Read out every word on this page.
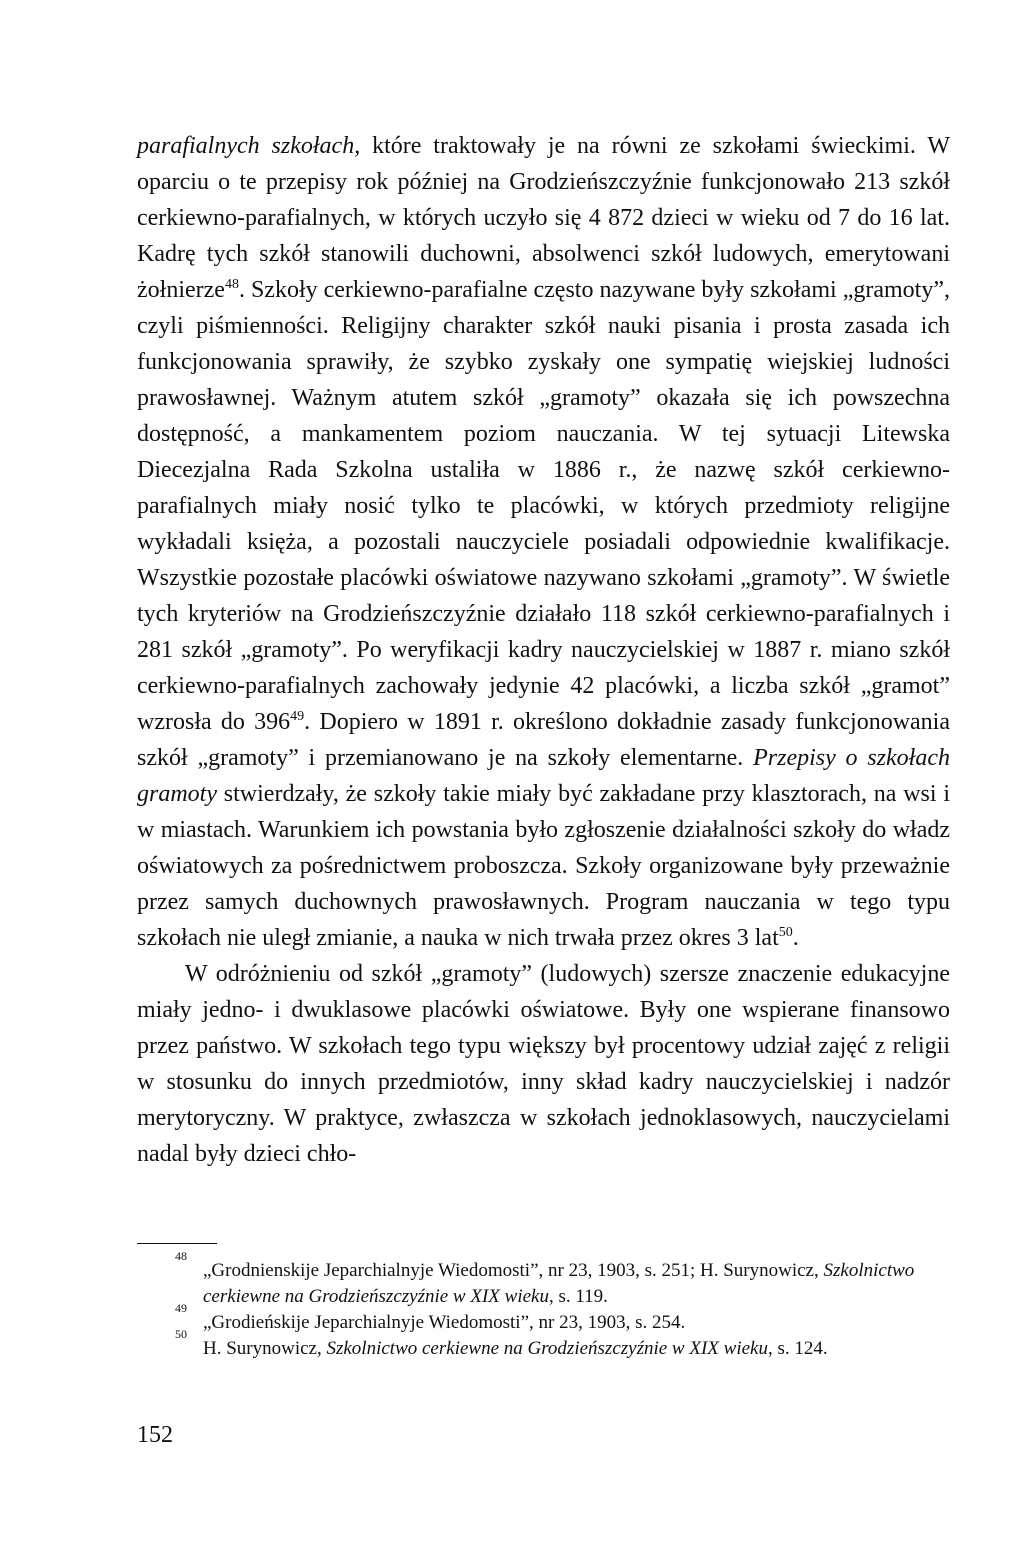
parafialnych szkołach, które traktowały je na równi ze szkołami świeckimi. W oparciu o te przepisy rok później na Grodzieńszczyźnie funkcjonowało 213 szkół cerkiewno-parafialnych, w których uczyło się 4 872 dzieci w wieku od 7 do 16 lat. Kadrę tych szkół stanowili duchowni, absolwenci szkół ludowych, emerytowani żołnierze$^{48}$. Szkoły cerkiewno-parafialne często nazywane były szkołami „gramoty”, czyli piśmienności. Religijny charakter szkół nauki pisania i prosta zasada ich funkcjonowania sprawiły, że szybko zyskały one sympatię wiejskiej ludności prawosławnej. Ważnym atutem szkół „gramoty” okazała się ich powszechna dostępność, a mankamentem poziom nauczania. W tej sytuacji Litewska Diecezjalna Rada Szkolna ustaliła w 1886 r., że nazwę szkół cerkiewno-parafialnych miały nosić tylko te placówki, w których przedmioty religijne wykładali księża, a pozostali nauczyciele posiadali odpowiednie kwalifikacje. Wszystkie pozostałe placówki oświatowe nazywano szkołami „gramoty”. W świetle tych kryteriów na Grodzieńszczyźnie działało 118 szkół cerkiewno-parafialnych i 281 szkół „gramoty”. Po weryfikacji kadry nauczycielskiej w 1887 r. miano szkół cerkiewno-parafialnych zachowały jedynie 42 placówki, a liczba szkół „gramot” wzrosła do $396^{49}$. Dopiero w 1891 r. określono dokładnie zasady funkcjonowania szkół „gramoty” i przemianowano je na szkoły elementarne. Przepisy o szkołach gramoty stwierdzały, że szkoły takie miały być zakładane przy klasztorach, na wsi i w miastach. Warunkiem ich powstania było zgłoszenie działalności szkoły do władz oświatowych za pośrednictwem proboszcza. Szkoły organizowane były przeważnie przez samych duchownych prawosławnych. Program nauczania w tego typu szkołach nie uległ zmianie, a nauka w nich trwała przez okres 3 lat$^{50}$.

W odróżnieniu od szkół „gramoty” (ludowych) szersze znaczenie edukacyjne miały jedno- i dwuklasowe placówki oświatowe. Były one wspierane finansowo przez państwo. W szkołach tego typu większy był procentowy udział zajęć z religii w stosunku do innych przedmiotów, inny skład kadry nauczycielskiej i nadzór merytoryczny. W praktyce, zwłaszcza w szkołach jednoklasowych, nauczycielami nadal były dzieci chło-

48
„Grodnienskije Jeparchialnyje Wiedomosti”, nr 23, 1903, s. 251; H. Surynowicz, Szkolnictwo cerkiewne na Grodzieńszczyźnie w XIX wieku, s. 119.

49
„Grodieńskije Jeparchialnyje Wiedomosti”, nr 23, 1903, s. 254.

50
H. Surynowicz, Szkolnictwo cerkiewne na Grodzieńszczyźnie w XIX wieku, s. 124.

152
